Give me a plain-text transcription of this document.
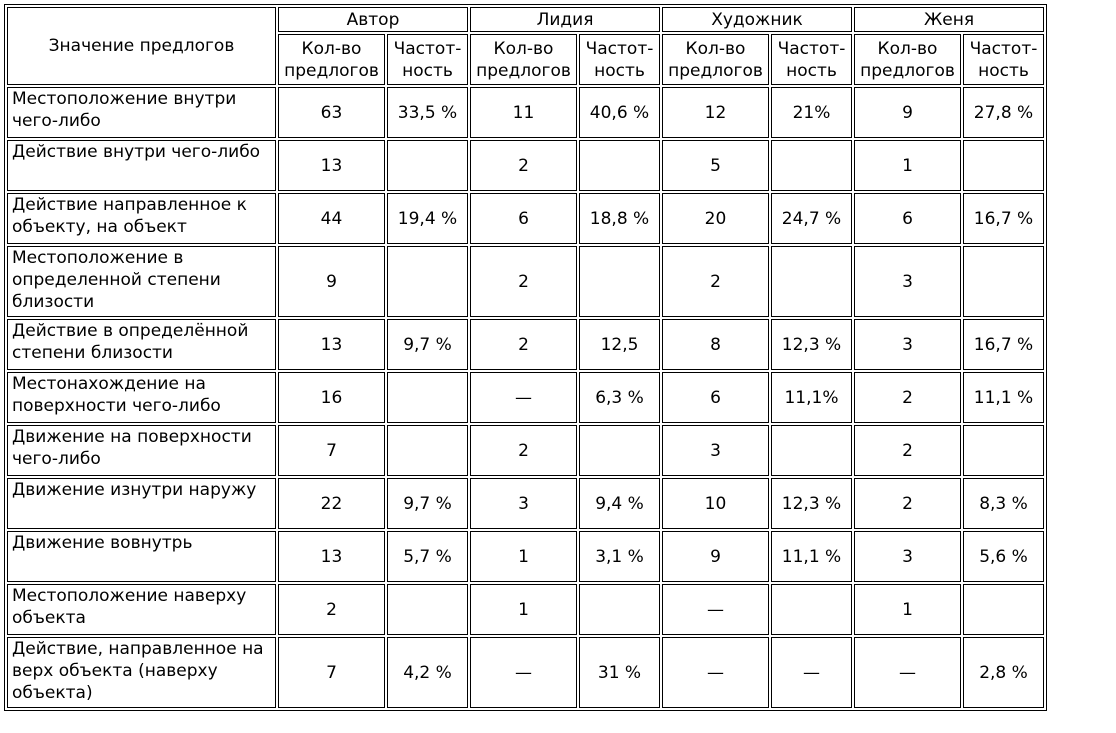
Значение предлогов	Автор		Лидия		Художник		Женя	
	Кол-во предлогов	Частот-ность	Кол-во предлогов	Частот-ность	Кол-во предлогов	Частот-ность	Кол-во предлогов	Частот-ность
Местоположение внутри чего-либо	63	33,5 %	11	40,6 %	12	21%	9	27,8 %
Действие внутри чего-либо	13		2		5		1	
Действие направленное к объекту, на объект	44	19,4 %	6	18,8 %	20	24,7 %	6	16,7 %
Местоположение в определенной степени близости	9		2		2		3	
Действие в определённой степени близости	13	9,7 %	2	12,5	8	12,3 %	3	16,7 %
Местонахождение на поверхности чего-либо	16		—	6,3 %	6	11,1%	2	11,1 %
Движение на поверхности чего-либо	7		2		3		2	
Движение изнутри наружу	22	9,7 %	3	9,4 %	10	12,3 %	2	8,3 %
Движение вовнутрь	13	5,7 %	1	3,1 %	9	11,1 %	3	5,6 %
Местоположение наверху объекта	2		1		—		1	
Действие, направленное на верх объекта (наверху объекта)	7	4,2 %	—	31 %	—	—	—	2,8 %
